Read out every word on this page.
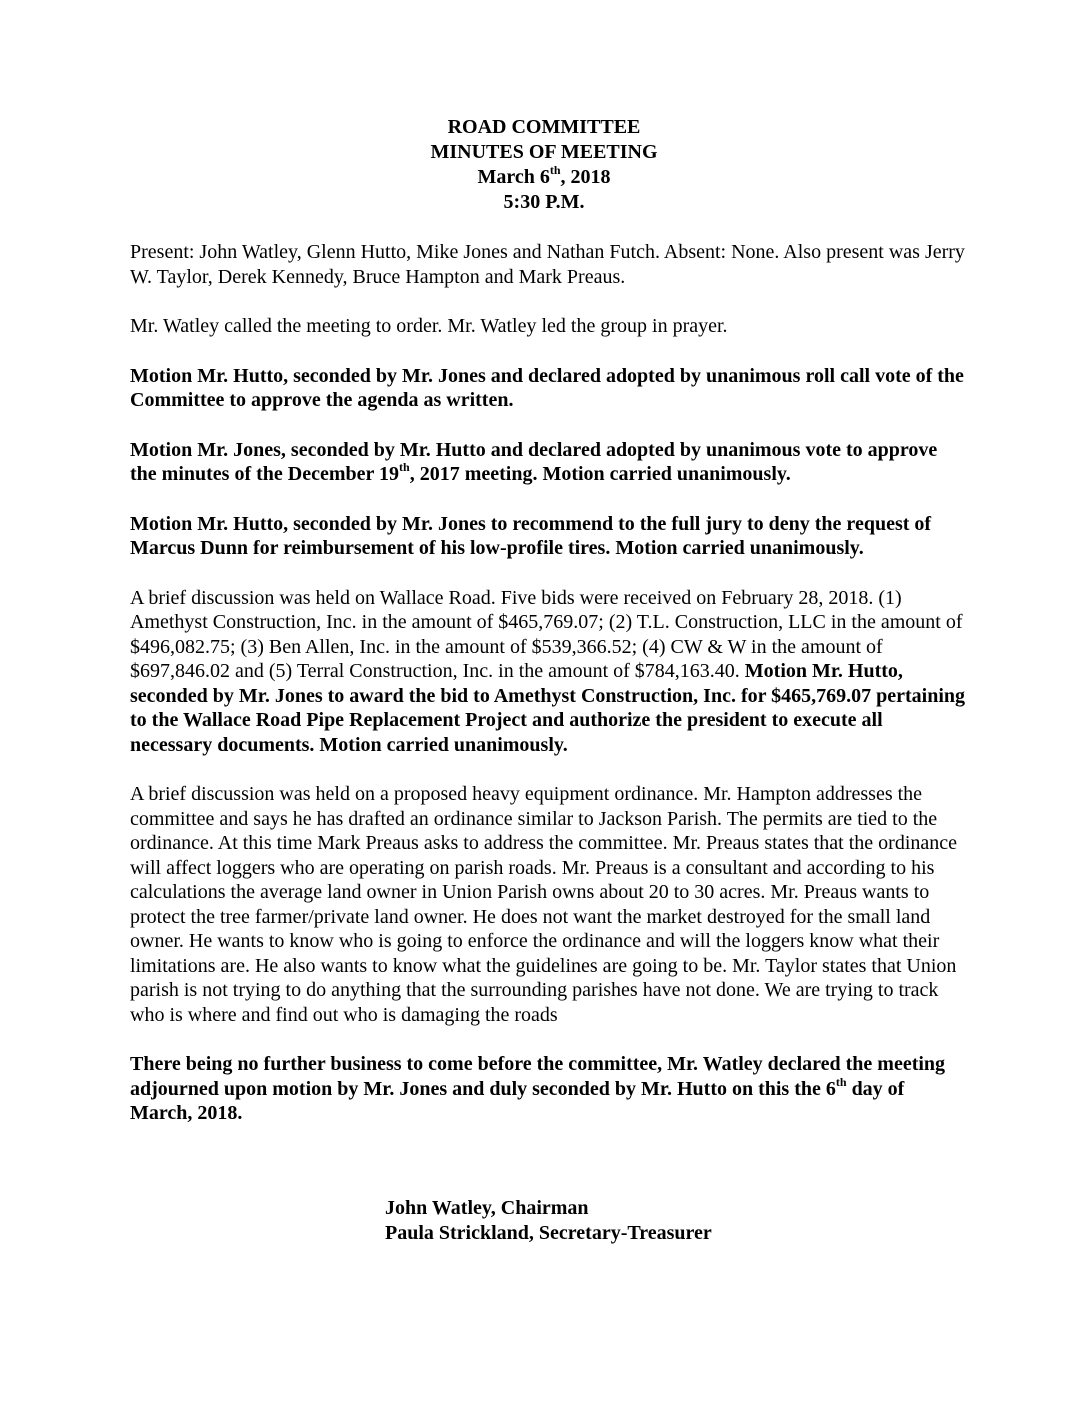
ROAD COMMITTEE
MINUTES OF MEETING
March 6th, 2018
5:30 P.M.

Present: John Watley, Glenn Hutto, Mike Jones and Nathan Futch. Absent: None. Also present was Jerry W. Taylor, Derek Kennedy, Bruce Hampton and Mark Preaus.

Mr. Watley called the meeting to order. Mr. Watley led the group in prayer.

Motion Mr. Hutto, seconded by Mr. Jones and declared adopted by unanimous roll call vote of the Committee to approve the agenda as written.

Motion Mr. Jones, seconded by Mr. Hutto and declared adopted by unanimous vote to approve the minutes of the December 19th, 2017 meeting. Motion carried unanimously.

Motion Mr. Hutto, seconded by Mr. Jones to recommend to the full jury to deny the request of Marcus Dunn for reimbursement of his low-profile tires. Motion carried unanimously.

A brief discussion was held on Wallace Road. Five bids were received on February 28, 2018. (1) Amethyst Construction, Inc. in the amount of $465,769.07; (2) T.L. Construction, LLC in the amount of $496,082.75; (3) Ben Allen, Inc. in the amount of $539,366.52; (4) CW & W in the amount of $697,846.02 and (5) Terral Construction, Inc. in the amount of $784,163.40. Motion Mr. Hutto, seconded by Mr. Jones to award the bid to Amethyst Construction, Inc. for $465,769.07 pertaining to the Wallace Road Pipe Replacement Project and authorize the president to execute all necessary documents. Motion carried unanimously.

A brief discussion was held on a proposed heavy equipment ordinance. Mr. Hampton addresses the committee and says he has drafted an ordinance similar to Jackson Parish. The permits are tied to the ordinance. At this time Mark Preaus asks to address the committee. Mr. Preaus states that the ordinance will affect loggers who are operating on parish roads. Mr. Preaus is a consultant and according to his calculations the average land owner in Union Parish owns about 20 to 30 acres. Mr. Preaus wants to protect the tree farmer/private land owner. He does not want the market destroyed for the small land owner. He wants to know who is going to enforce the ordinance and will the loggers know what their limitations are. He also wants to know what the guidelines are going to be. Mr. Taylor states that Union parish is not trying to do anything that the surrounding parishes have not done. We are trying to track who is where and find out who is damaging the roads

There being no further business to come before the committee, Mr. Watley declared the meeting adjourned upon motion by Mr. Jones and duly seconded by Mr. Hutto on this the 6th day of March, 2018.

John Watley, Chairman
Paula Strickland, Secretary-Treasurer
